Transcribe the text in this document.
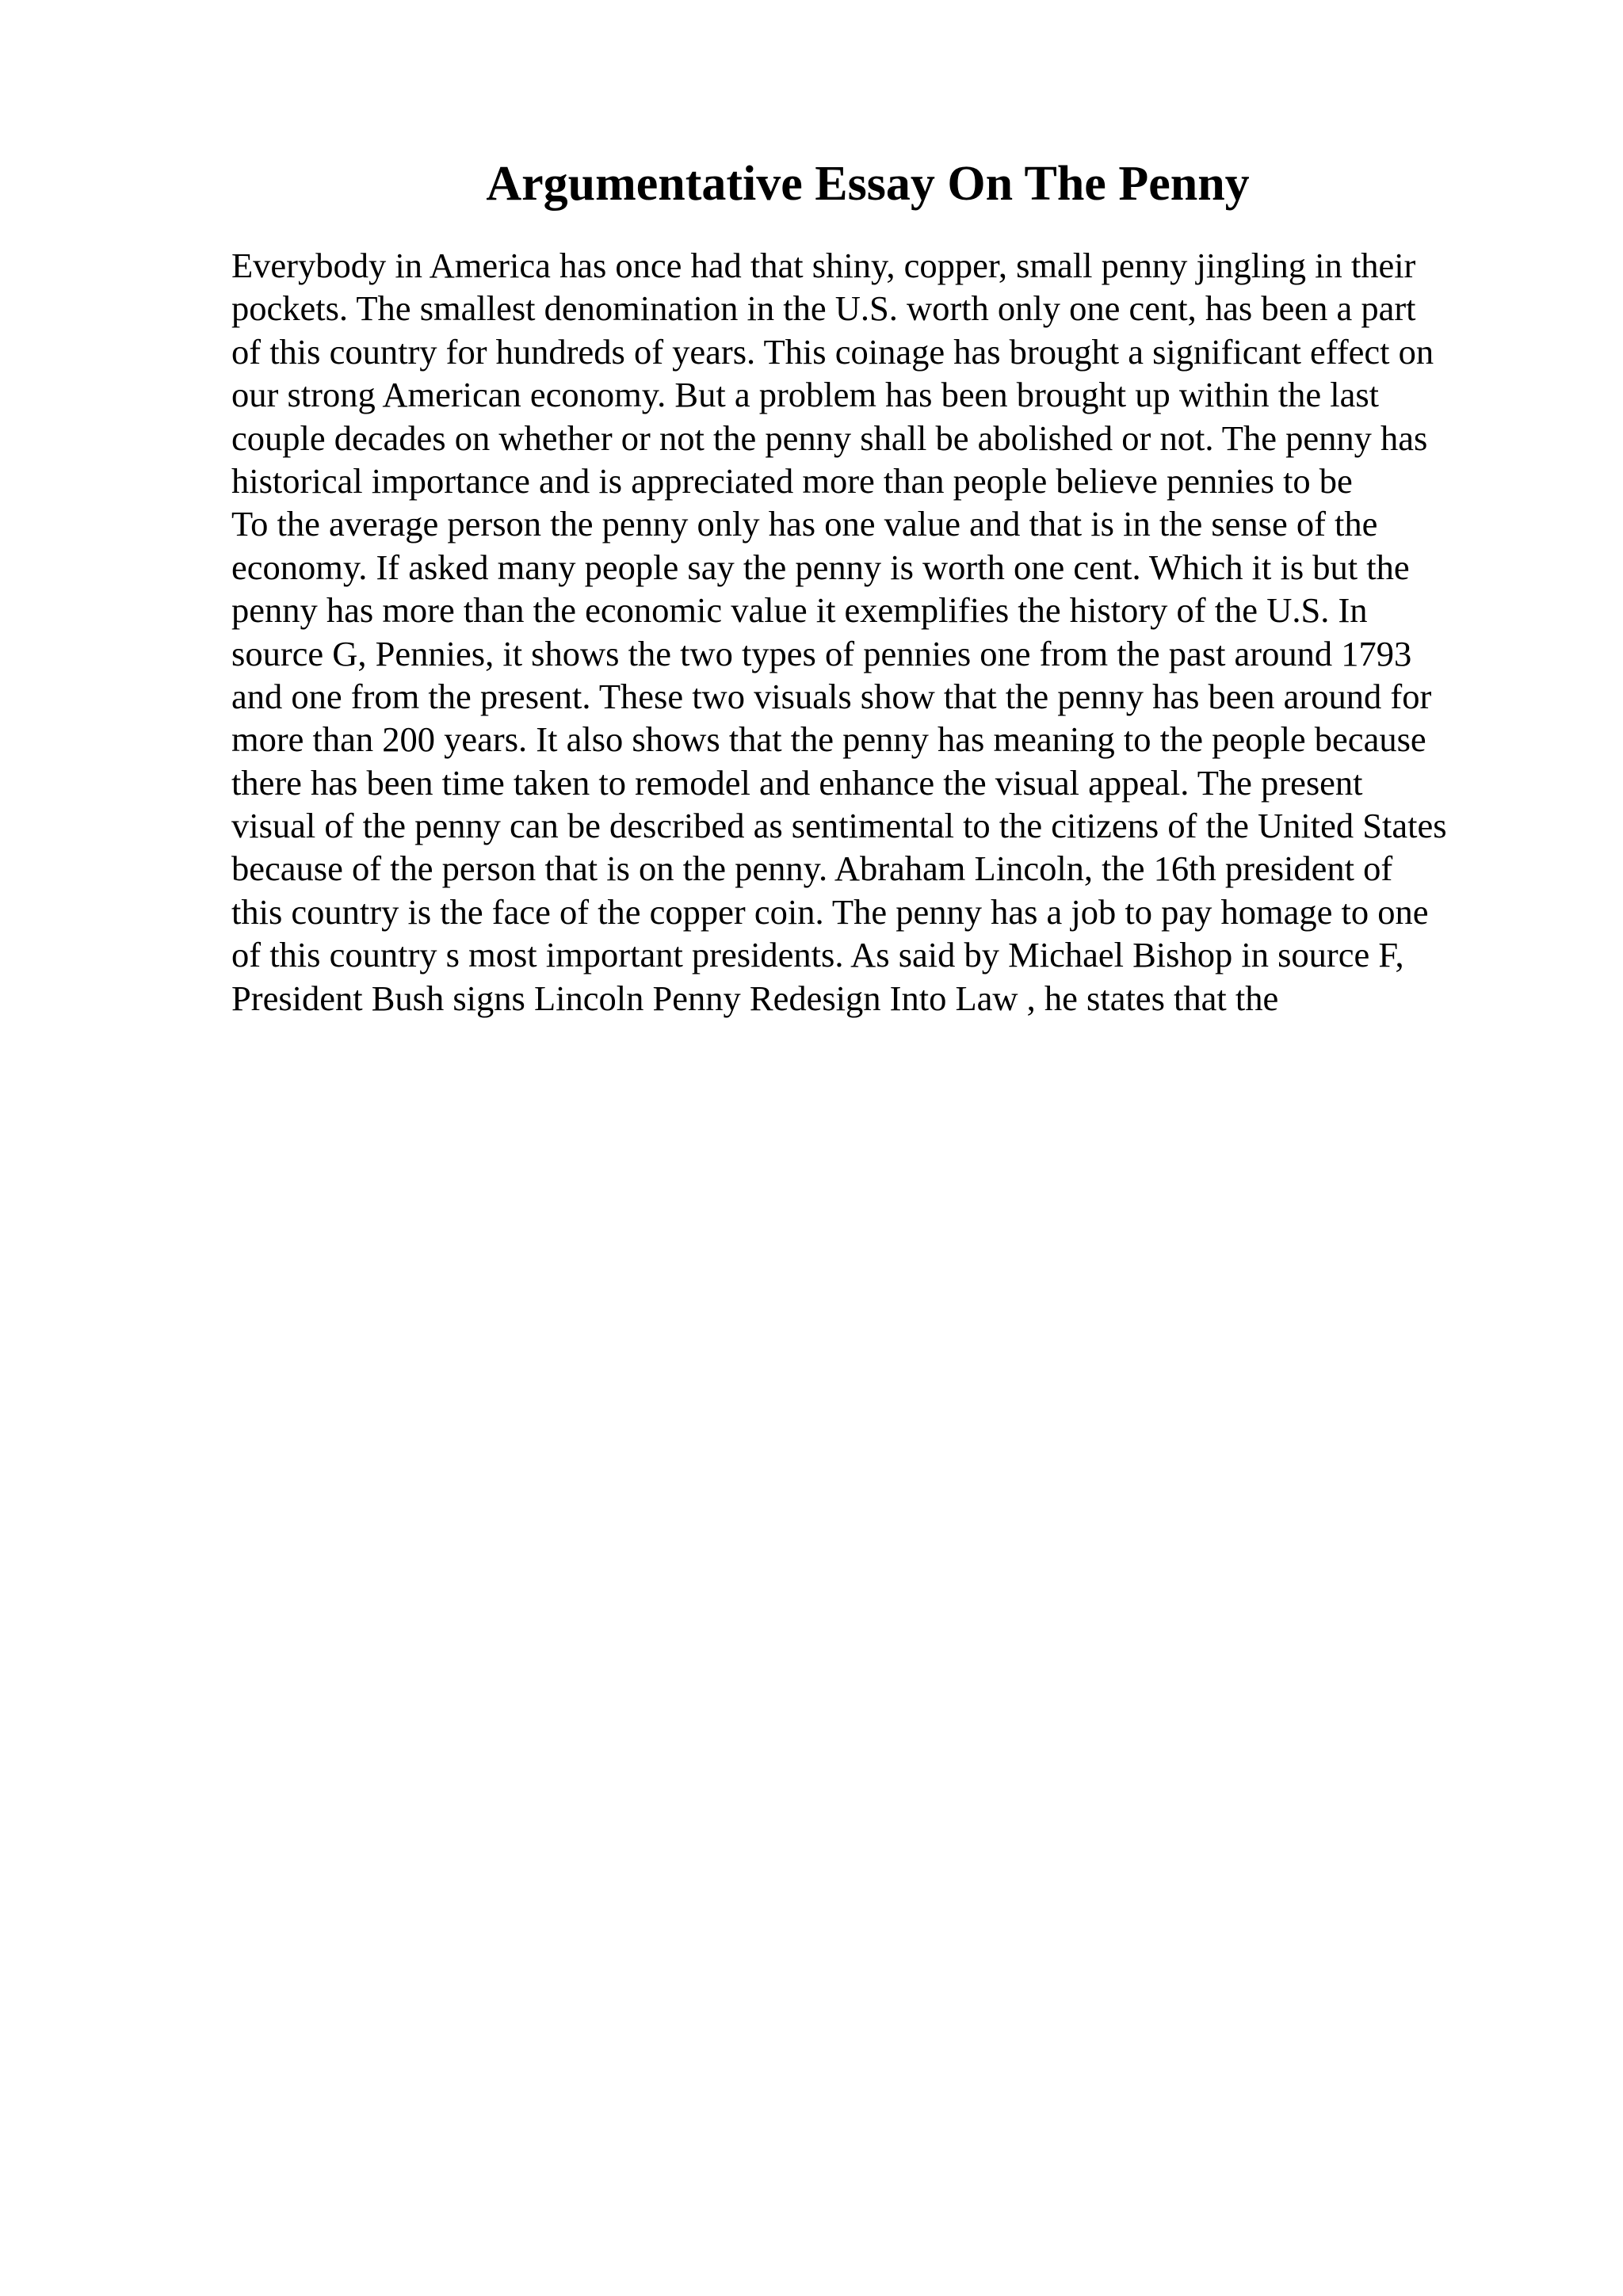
Argumentative Essay On The Penny
Everybody in America has once had that shiny, copper, small penny jingling in their
pockets. The smallest denomination in the U.S. worth only one cent, has been a part
of this country for hundreds of years. This coinage has brought a significant effect on
our strong American economy. But a problem has been brought up within the last
couple decades on whether or not the penny shall be abolished or not. The penny has
historical importance and is appreciated more than people believe pennies to be
To the average person the penny only has one value and that is in the sense of the
economy. If asked many people say the penny is worth one cent. Which it is but the
penny has more than the economic value it exemplifies the history of the U.S. In
source G, Pennies, it shows the two types of pennies one from the past around 1793
and one from the present. These two visuals show that the penny has been around for
more than 200 years. It also shows that the penny has meaning to the people because
there has been time taken to remodel and enhance the visual appeal. The present
visual of the penny can be described as sentimental to the citizens of the United States
because of the person that is on the penny. Abraham Lincoln, the 16th president of
this country is the face of the copper coin. The penny has a job to pay homage to one
of this country s most important presidents. As said by Michael Bishop in source F,
President Bush signs Lincoln Penny Redesign Into Law , he states that the
